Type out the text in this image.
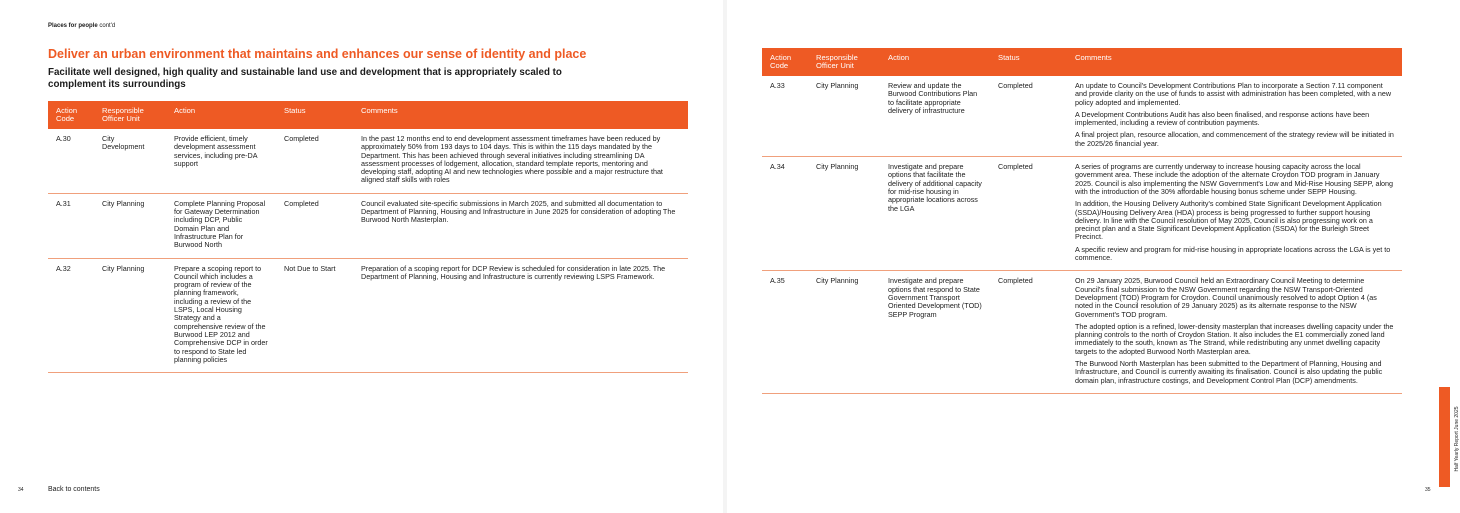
Places for people cont'd
Deliver an urban environment that maintains and enhances our sense of identity and place
Facilitate well designed, high quality and sustainable land use and development that is appropriately scaled to complement its surroundings
Action Code	Responsible Officer Unit	Action	Status	Comments
A.30	City Development	Provide efficient, timely development assessment services, including pre-DA support	Completed	In the past 12 months end to end development assessment timeframes have been reduced by approximately 50% from 193 days to 104 days. This is within the 115 days mandated by the Department. This has been achieved through several initiatives including streamlining DA assessment processes of lodgement, allocation, standard template reports, mentoring and developing staff, adopting AI and new technologies where possible and a major restructure that aligned staff skills with roles

A.31	City Planning	Complete Planning Proposal for Gateway Determination including DCP, Public Domain Plan and Infrastructure Plan for Burwood North	Completed	Council evaluated site-specific submissions in March 2025, and submitted all documentation to Department of Planning, Housing and Infrastructure in June 2025 for consideration of adopting The Burwood North Masterplan.

A.32	City Planning	Prepare a scoping report to Council which includes a program of review of the planning framework, including a review of the LSPS, Local Housing Strategy and a comprehensive review of the Burwood LEP 2012 and Comprehensive DCP in order to respond to State led planning policies	Not Due to Start	Preparation of a scoping report for DCP Review is scheduled for consideration in late 2025. The Department of Planning, Housing and Infrastructure is currently reviewing LSPS Framework.

34	Back to contents
Action Code	Responsible Officer Unit	Action	Status	Comments
A.33	City Planning	Review and update the Burwood Contributions Plan to facilitate appropriate delivery of infrastructure	Completed	An update to Council's Development Contributions Plan to incorporate a Section 7.11 component and provide clarity on the use of funds to assist with administration has been completed, with a new policy adopted and implemented.

A Development Contributions Audit has also been finalised, and response actions have been implemented, including a review of contribution payments.

A final project plan, resource allocation, and commencement of the strategy review will be initiated in the 2025/26 financial year.

A.34	City Planning	Investigate and prepare options that facilitate the delivery of additional capacity for mid-rise housing in appropriate locations across the LGA	Completed	A series of programs are currently underway to increase housing capacity across the local government area. These include the adoption of the alternate Croydon TOD program in January 2025. Council is also implementing the NSW Government's Low and Mid-Rise Housing SEPP, along with the introduction of the 30% affordable housing bonus scheme under SEPP Housing.

In addition, the Housing Delivery Authority's combined State Significant Development Application (SSDA)/Housing Delivery Area (HDA) process is being progressed to further support housing delivery. In line with the Council resolution of May 2025, Council is also progressing work on a precinct plan and a State Significant Development Application (SSDA) for the Burleigh Street Precinct.

A specific review and program for mid-rise housing in appropriate locations across the LGA is yet to commence.

A.35	City Planning	Investigate and prepare options that respond to State Government Transport Oriented Development (TOD) SEPP Program	Completed	On 29 January 2025, Burwood Council held an Extraordinary Council Meeting to determine Council's final submission to the NSW Government regarding the NSW Transport-Oriented Development (TOD) Program for Croydon. Council unanimously resolved to adopt Option 4 (as noted in the Council resolution of 29 January 2025) as its alternate response to the NSW Government's TOD program.

The adopted option is a refined, lower-density masterplan that increases dwelling capacity under the planning controls to the north of Croydon Station. It also includes the E1 commercially zoned land immediately to the south, known as The Strand, while redistributing any unmet dwelling capacity targets to the adopted Burwood North Masterplan area.

The Burwood North Masterplan has been submitted to the Department of Planning, Housing and Infrastructure, and Council is currently awaiting its finalisation. Council is also updating the public domain plan, infrastructure costings, and Development Control Plan (DCP) amendments.

Half Yearly Report June 2025
35
